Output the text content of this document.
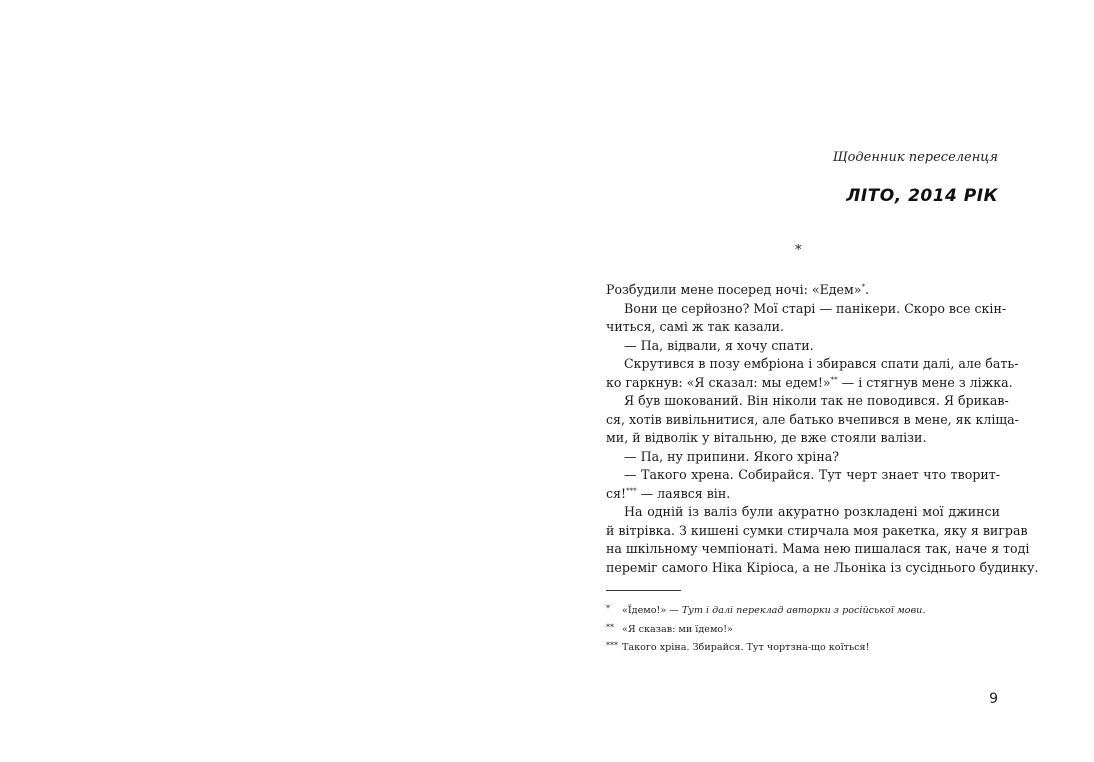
Щоденник переселенця
ЛІТО, 2014 РІК
*
Розбудили мене посеред ночі: «Едем»*.
Вони це серйозно? Мої старі — панікери. Скоро все скін-
читься, самі ж так казали.
— Па, відвали, я хочу спати.
Скрутився в позу ембріона і збирався спати далі, але бать-
ко гаркнув: «Я сказал: мы едем!»** — і стягнув мене з ліжка.
Я був шокований. Він ніколи так не поводився. Я брикав-
ся, хотів вивільнитися, але батько вчепився в мене, як кліща-
ми, й відволік у вітальню, де вже стояли валізи.
— Па, ну припини. Якого хріна?
— Такого хрена. Собирайся. Тут черт знает что творит-
ся!*** — лаявся він.
На одній із валіз були акуратно розкладені мої джинси
й вітрівка. З кишені сумки стирчала моя ракетка, яку я виграв
на шкільному чемпіонаті. Мама нею пишалася так, наче я тоді
переміг самого Ніка Кіріоса, а не Льоніка із сусіднього будинку.
* «Їдемо!» — Тут і далі переклад авторки з російської мови.
** «Я сказав: ми їдемо!»
*** Такого хріна. Збирайся. Тут чортзна-що коїться!
9
